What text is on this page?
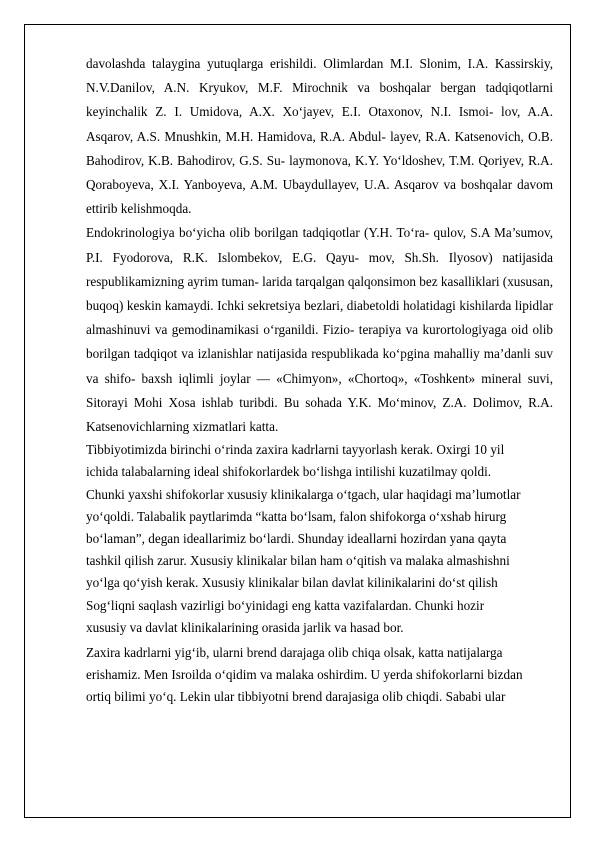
davolashda talaygina yutuqlarga erishildi. Olimlardan M.I. Slonim, I.A. Kassirskiy, N.V.Danilov, A.N. Kryukov, M.F. Mirochnik va boshqalar bergan tadqiqotlarni keyinchalik Z. I. Umidova, A.X. Xo‘jayev, E.I. Otaxonov, N.I. Ismoi- lov, A.A. Asqarov, A.S. Mnushkin, M.H. Hamidova, R.A. Abdul- layev, R.A. Katsenovich, O.B. Bahodirov, K.B. Bahodirov, G.S. Su- laymonova, K.Y. Yo‘ldoshev, T.M. Qoriyev, R.A. Qoraboyeva, X.I. Yanboyeva, A.M. Ubaydullayev, U.A. Asqarov va boshqalar davom ettirib kelishmoqda.

Endokrinologiya bo‘yicha olib borilgan tadqiqotlar (Y.H. To‘ra- qulov, S.A Ma’sumov, P.I. Fyodorova, R.K. Islombekov, E.G. Qayu- mov, Sh.Sh. Ilyosov) natijasida respublikamizning ayrim tuman- larida tarqalgan qalqonsimon bez kasalliklari (xususan, buqoq) keskin kamaydi. Ichki sekretsiya bezlari, diabetoldi holatidagi kishilarda lipidlar almashinuvi va gemodinamikasi o‘rganildi. Fizio- terapiya va kurortologiyaga oid olib borilgan tadqiqot va izlanishlar natijasida respublikada ko‘pgina mahalliy ma’danli suv va shifo- baxsh iqlimli joylar — «Chimyon», «Chortoq», «Toshkent» mineral suvi, Sitorayi Mohi Xosa ishlab turibdi. Bu sohada Y.K. Mo‘minov, Z.A. Dolimov, R.A. Katsenovichlarning xizmatlari katta.

Tibbiyotimizda birinchi o‘rinda zaxira kadrlarni tayyorlash kerak. Oxirgi 10 yil
ichida talabalarning ideal shifokorlardek bo‘lishga intilishi kuzatilmay qoldi.
Chunki yaxshi shifokorlar xususiy klinikalarga o‘tgach, ular haqidagi ma’lumotlar
yo‘qoldi. Talabalik paytlarimda “katta bo‘lsam, falon shifokorga o‘xshab hirurg
bo‘laman”, degan ideallarimiz bo‘lardi. Shunday ideallarni hozirdan yana qayta
tashkil qilish zarur. Xususiy klinikalar bilan ham o‘qitish va malaka almashishni
yo‘lga qo‘yish kerak. Xususiy klinikalar bilan davlat kilinikalarini do‘st qilish
Sog‘liqni saqlash vazirligi bo‘yinidagi eng katta vazifalardan. Chunki hozir
xususiy va davlat klinikalarining orasida jarlik va hasad bor.
Zaxira kadrlarni yig‘ib, ularni brend darajaga olib chiqa olsak, katta natijalarga
erishamiz. Men Isroilda o‘qidim va malaka oshirdim. U yerda shifokorlarni bizdan
ortiq bilimi yo‘q. Lekin ular tibbiyotni brend darajasiga olib chiqdi. Sababi ular
